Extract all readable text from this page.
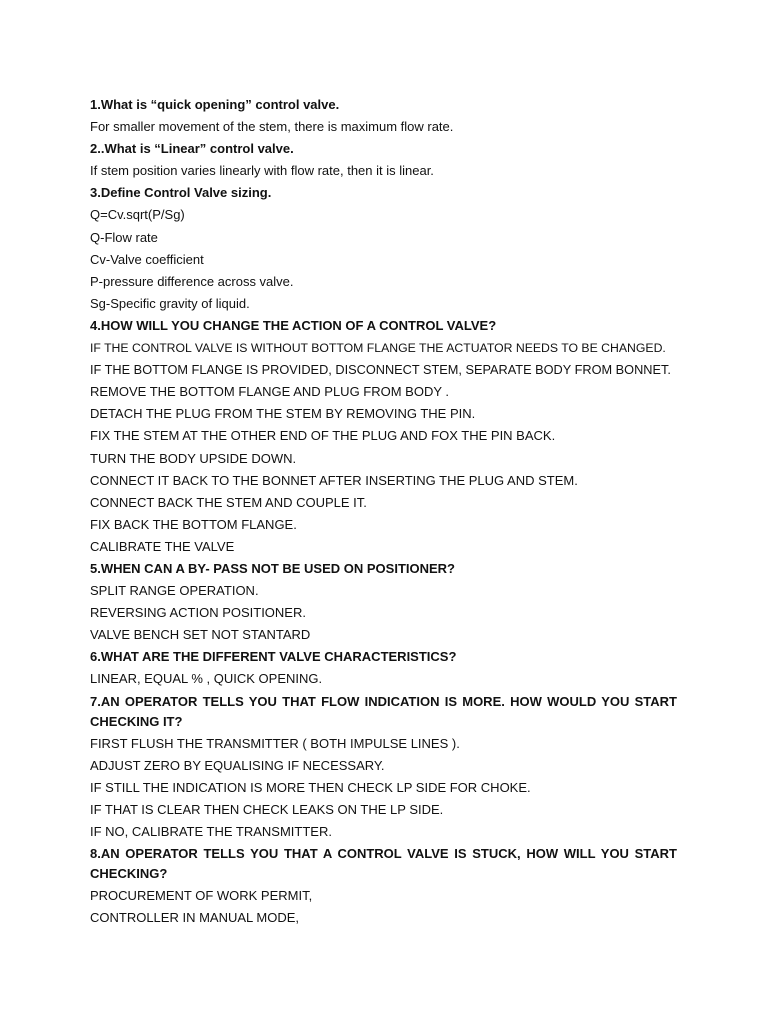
1.What is “quick opening” control valve.
For smaller movement of the stem, there is maximum flow rate.
2..What is “Linear” control valve.
If stem position varies linearly with flow rate, then it is linear.
3.Define Control Valve sizing.
Q=Cv.sqrt(P/Sg)
Q-Flow rate
Cv-Valve coefficient
P-pressure difference across valve.
Sg-Specific gravity of liquid.
4.HOW WILL YOU CHANGE THE ACTION OF A CONTROL VALVE?
IF THE CONTROL VALVE IS WITHOUT BOTTOM FLANGE THE ACTUATOR NEEDS TO BE CHANGED.
IF THE BOTTOM FLANGE IS PROVIDED, DISCONNECT STEM, SEPARATE BODY FROM BONNET.
REMOVE THE BOTTOM FLANGE AND PLUG FROM BODY .
DETACH THE PLUG FROM THE STEM BY REMOVING THE PIN.
FIX THE STEM AT THE OTHER END OF THE PLUG AND FOX THE PIN BACK.
TURN THE BODY UPSIDE DOWN.
CONNECT IT BACK TO THE BONNET AFTER INSERTING THE PLUG AND STEM.
CONNECT BACK THE STEM AND COUPLE IT.
FIX BACK THE BOTTOM FLANGE.
CALIBRATE THE VALVE
5.WHEN CAN A BY- PASS NOT BE USED ON POSITIONER?
SPLIT RANGE OPERATION.
REVERSING ACTION POSITIONER.
VALVE BENCH SET NOT STANTARD
6.WHAT ARE THE DIFFERENT VALVE CHARACTERISTICS?
LINEAR, EQUAL % , QUICK OPENING.
7.AN OPERATOR TELLS YOU THAT FLOW INDICATION IS MORE. HOW WOULD YOU START CHECKING IT?
FIRST FLUSH THE TRANSMITTER ( BOTH IMPULSE LINES ).
ADJUST ZERO BY EQUALISING IF NECESSARY.
IF STILL THE INDICATION IS MORE THEN CHECK LP SIDE FOR CHOKE.
IF THAT IS CLEAR THEN CHECK LEAKS ON THE LP SIDE.
IF NO, CALIBRATE THE TRANSMITTER.
8.AN OPERATOR TELLS YOU THAT A CONTROL VALVE IS STUCK, HOW WILL YOU START CHECKING?
PROCUREMENT OF WORK PERMIT,
CONTROLLER IN MANUAL MODE,
